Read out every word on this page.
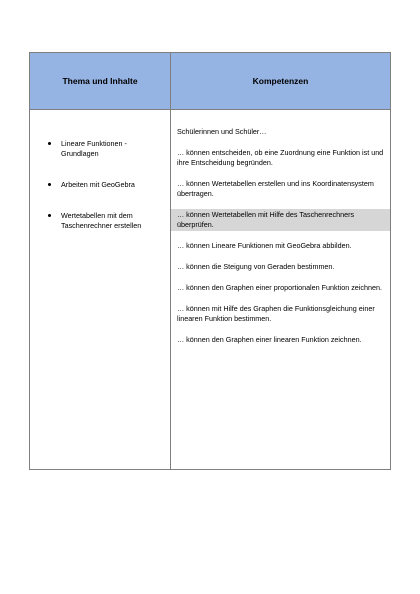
Thema und Inhalte	Kompetenzen
Lineare Funktionen - Grundlagen
Arbeiten mit GeoGebra
Wertetabellen mit dem Taschenrechner erstellen

Schülerinnen und Schüler…

… können entscheiden, ob eine Zuordnung eine Funktion ist und ihre Entscheidung begründen.

… können Wertetabellen erstellen und ins Koordinatensystem übertragen.

… können Wertetabellen mit Hilfe des Taschenrechners überprüfen.

… können Lineare Funktionen mit GeoGebra abbilden.

… können die Steigung von Geraden bestimmen.

… können den Graphen einer proportionalen Funktion zeichnen.

… können mit Hilfe des Graphen die Funktionsgleichung einer linearen Funktion bestimmen.

… können den Graphen einer linearen Funktion zeichnen.
